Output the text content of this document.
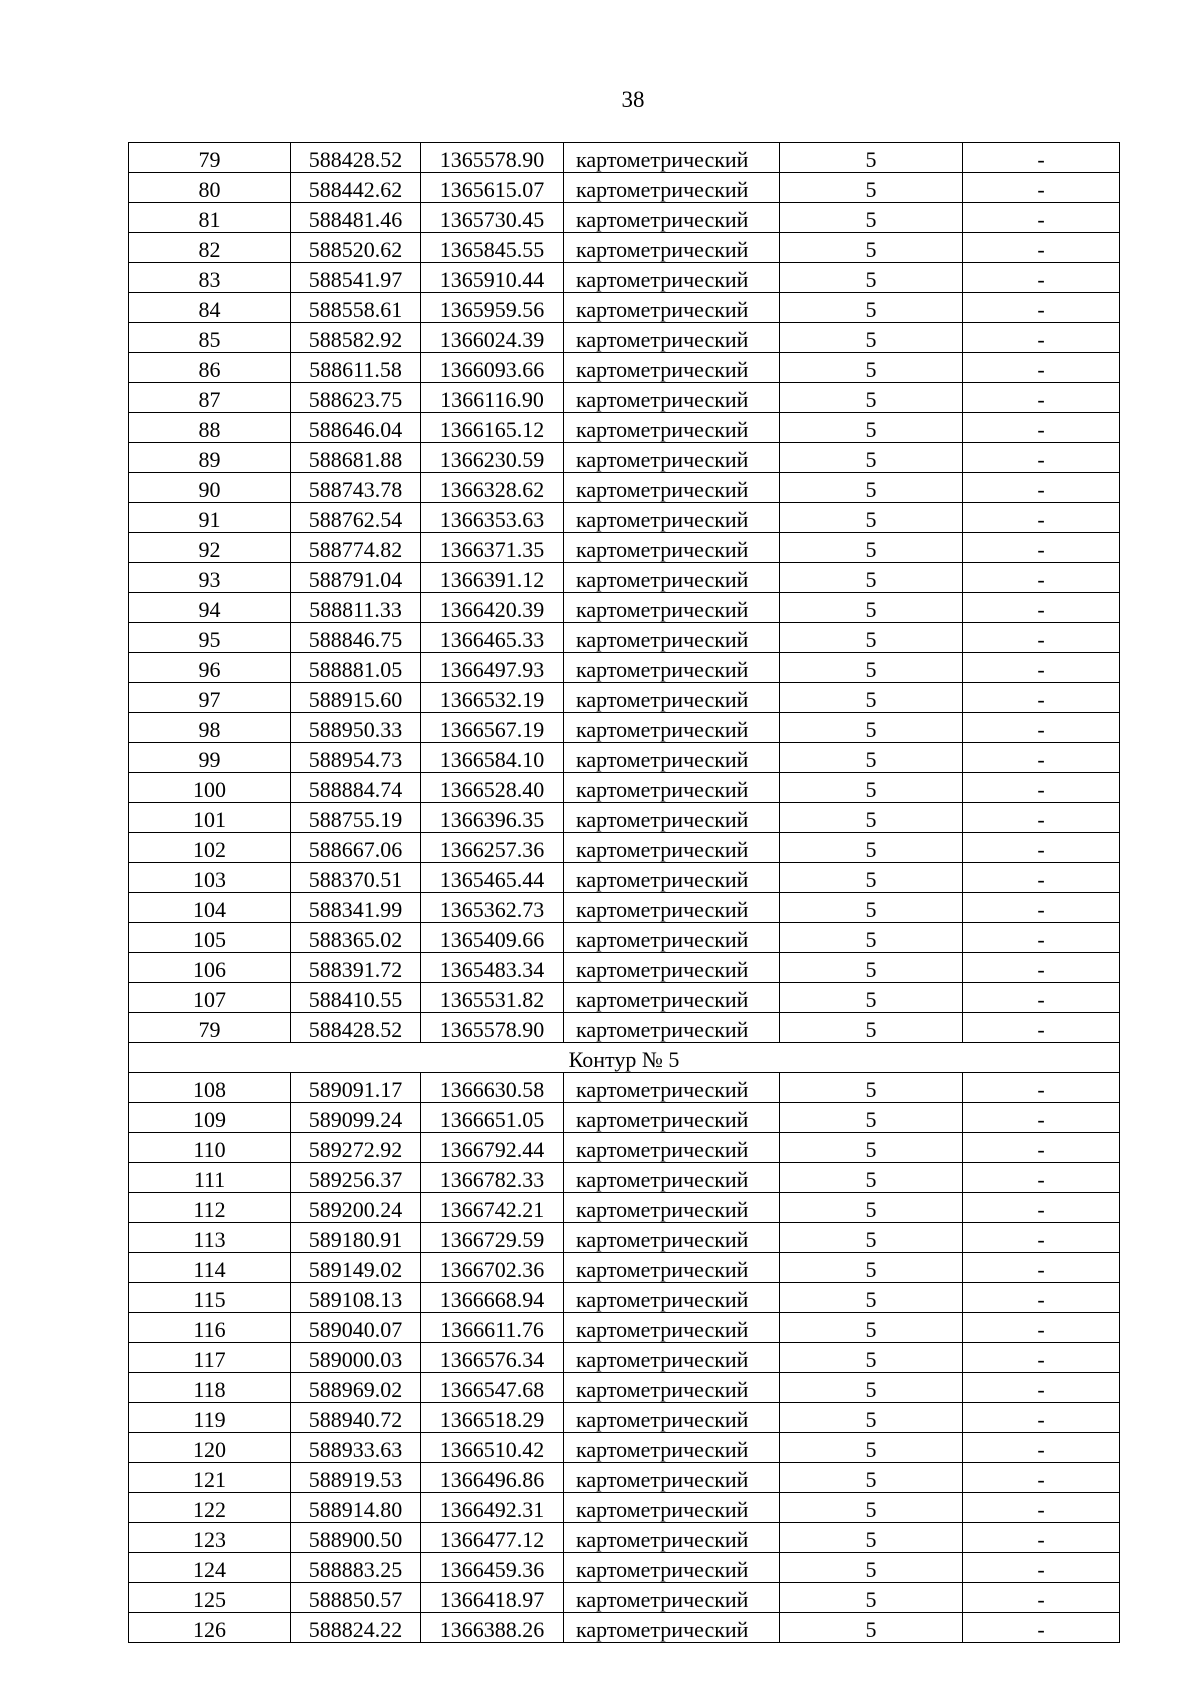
38
79	588428.52	1365578.90	картометрический	5	-
80	588442.62	1365615.07	картометрический	5	-
81	588481.46	1365730.45	картометрический	5	-
82	588520.62	1365845.55	картометрический	5	-
83	588541.97	1365910.44	картометрический	5	-
84	588558.61	1365959.56	картометрический	5	-
85	588582.92	1366024.39	картометрический	5	-
86	588611.58	1366093.66	картометрический	5	-
87	588623.75	1366116.90	картометрический	5	-
88	588646.04	1366165.12	картометрический	5	-
89	588681.88	1366230.59	картометрический	5	-
90	588743.78	1366328.62	картометрический	5	-
91	588762.54	1366353.63	картометрический	5	-
92	588774.82	1366371.35	картометрический	5	-
93	588791.04	1366391.12	картометрический	5	-
94	588811.33	1366420.39	картометрический	5	-
95	588846.75	1366465.33	картометрический	5	-
96	588881.05	1366497.93	картометрический	5	-
97	588915.60	1366532.19	картометрический	5	-
98	588950.33	1366567.19	картометрический	5	-
99	588954.73	1366584.10	картометрический	5	-
100	588884.74	1366528.40	картометрический	5	-
101	588755.19	1366396.35	картометрический	5	-
102	588667.06	1366257.36	картометрический	5	-
103	588370.51	1365465.44	картометрический	5	-
104	588341.99	1365362.73	картометрический	5	-
105	588365.02	1365409.66	картометрический	5	-
106	588391.72	1365483.34	картометрический	5	-
107	588410.55	1365531.82	картометрический	5	-
79	588428.52	1365578.90	картометрический	5	-
Контур № 5					
108	589091.17	1366630.58	картометрический	5	-
109	589099.24	1366651.05	картометрический	5	-
110	589272.92	1366792.44	картометрический	5	-
111	589256.37	1366782.33	картометрический	5	-
112	589200.24	1366742.21	картометрический	5	-
113	589180.91	1366729.59	картометрический	5	-
114	589149.02	1366702.36	картометрический	5	-
115	589108.13	1366668.94	картометрический	5	-
116	589040.07	1366611.76	картометрический	5	-
117	589000.03	1366576.34	картометрический	5	-
118	588969.02	1366547.68	картометрический	5	-
119	588940.72	1366518.29	картометрический	5	-
120	588933.63	1366510.42	картометрический	5	-
121	588919.53	1366496.86	картометрический	5	-
122	588914.80	1366492.31	картометрический	5	-
123	588900.50	1366477.12	картометрический	5	-
124	588883.25	1366459.36	картометрический	5	-
125	588850.57	1366418.97	картометрический	5	-
126	588824.22	1366388.26	картометрический	5	-
